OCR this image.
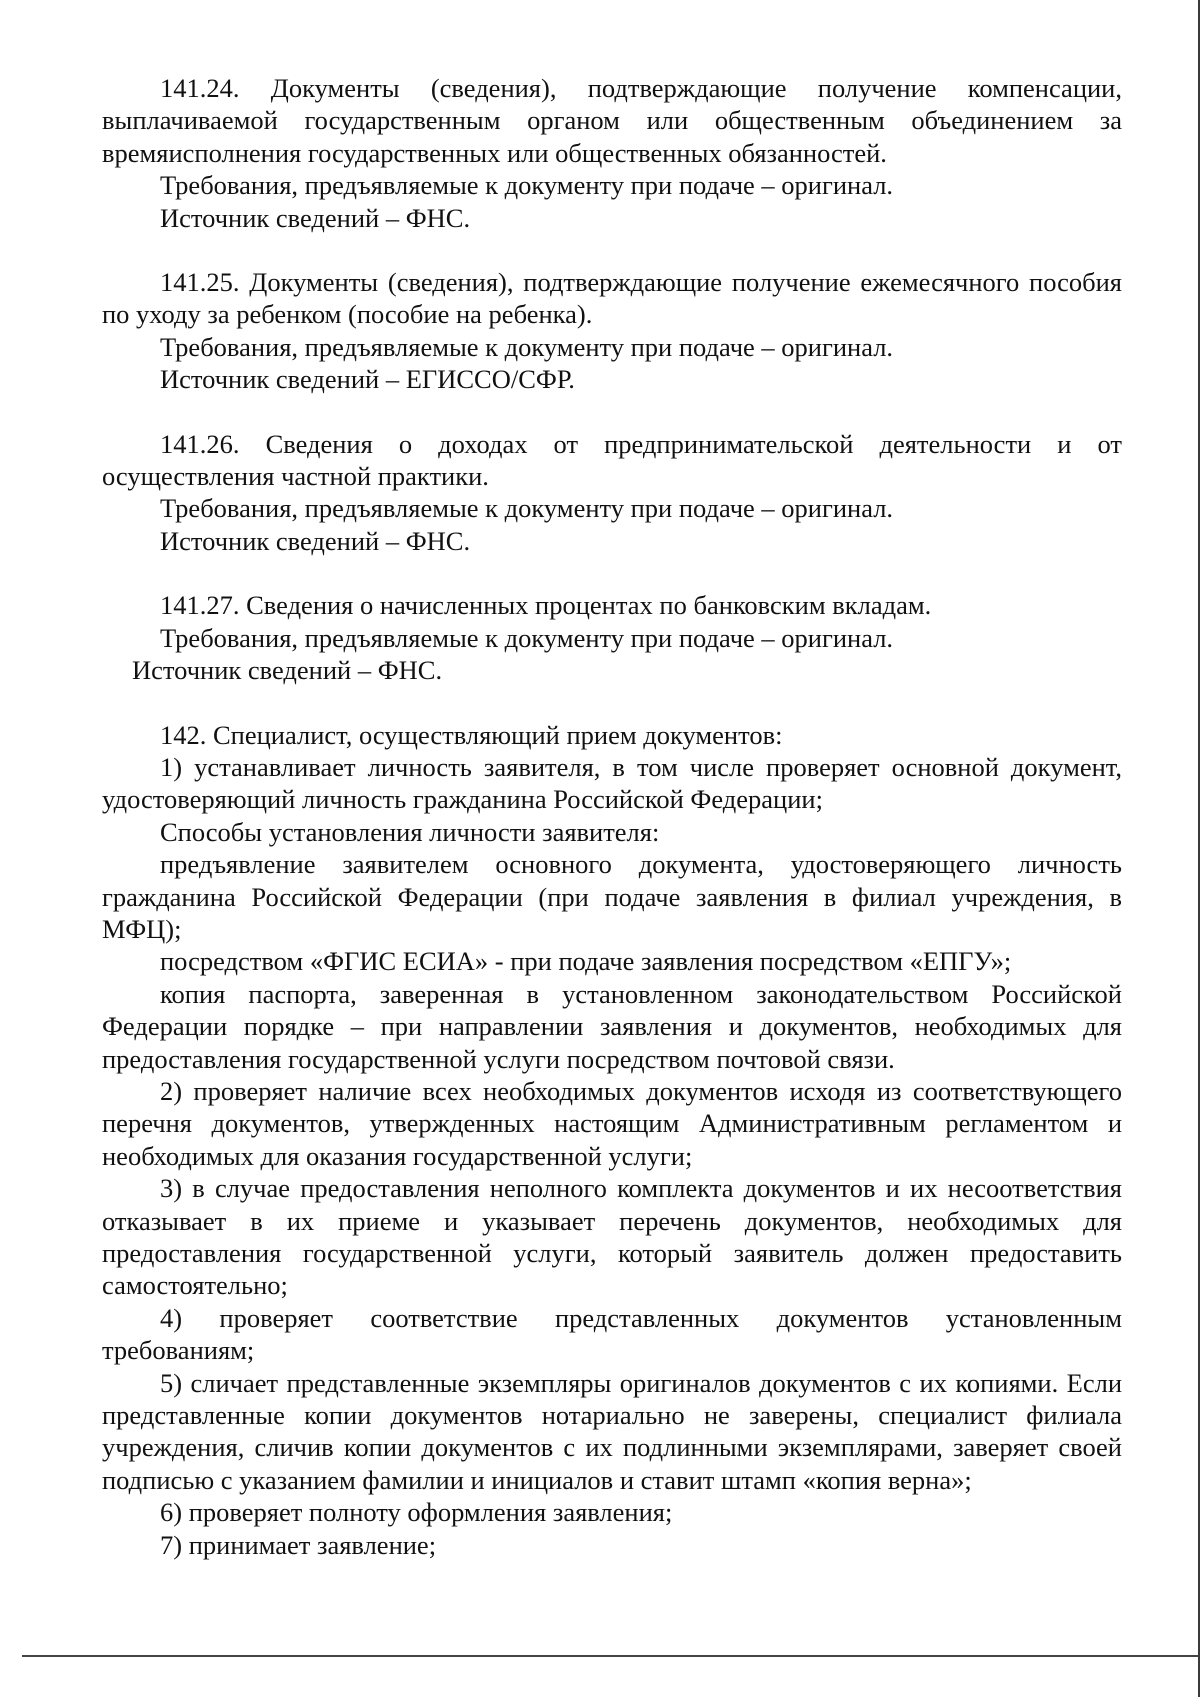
141.24. Документы (сведения), подтверждающие получение компенсации, выплачиваемой государственным органом или общественным объединением за времяисполнения государственных или общественных обязанностей.

Требования, предъявляемые к документу при подаче – оригинал.

Источник сведений – ФНС.

141.25. Документы (сведения), подтверждающие получение ежемесячного пособия по уходу за ребенком (пособие на ребенка).

Требования, предъявляемые к документу при подаче – оригинал.

Источник сведений – ЕГИССО/СФР.

141.26. Сведения о доходах от предпринимательской деятельности и от осуществления частной практики.

Требования, предъявляемые к документу при подаче – оригинал.

Источник сведений – ФНС.

141.27. Сведения о начисленных процентах по банковским вкладам.

Требования, предъявляемые к документу при подаче – оригинал.

Источник сведений – ФНС.

142. Специалист, осуществляющий прием документов:

1) устанавливает личность заявителя, в том числе проверяет основной документ, удостоверяющий личность гражданина Российской Федерации;

Способы установления личности заявителя:

предъявление заявителем основного документа, удостоверяющего личность гражданина Российской Федерации (при подаче заявления в филиал учреждения, в МФЦ);

посредством «ФГИС ЕСИА» - при подаче заявления посредством «ЕПГУ»;

копия паспорта, заверенная в установленном законодательством Российской Федерации порядке – при направлении заявления и документов, необходимых для предоставления государственной услуги посредством почтовой связи.

2) проверяет наличие всех необходимых документов исходя из соответствующего перечня документов, утвержденных настоящим Административным регламентом и необходимых для оказания государственной услуги;

3) в случае предоставления неполного комплекта документов и их несоответствия отказывает в их приеме и указывает перечень документов, необходимых для предоставления государственной услуги, который заявитель должен предоставить самостоятельно;

4) проверяет соответствие представленных документов установленным требованиям;

5) сличает представленные экземпляры оригиналов документов с их копиями. Если представленные копии документов нотариально не заверены, специалист филиала учреждения, сличив копии документов с их подлинными экземплярами, заверяет своей подписью с указанием фамилии и инициалов и ставит штамп «копия верна»;

6) проверяет полноту оформления заявления;

7) принимает заявление;
